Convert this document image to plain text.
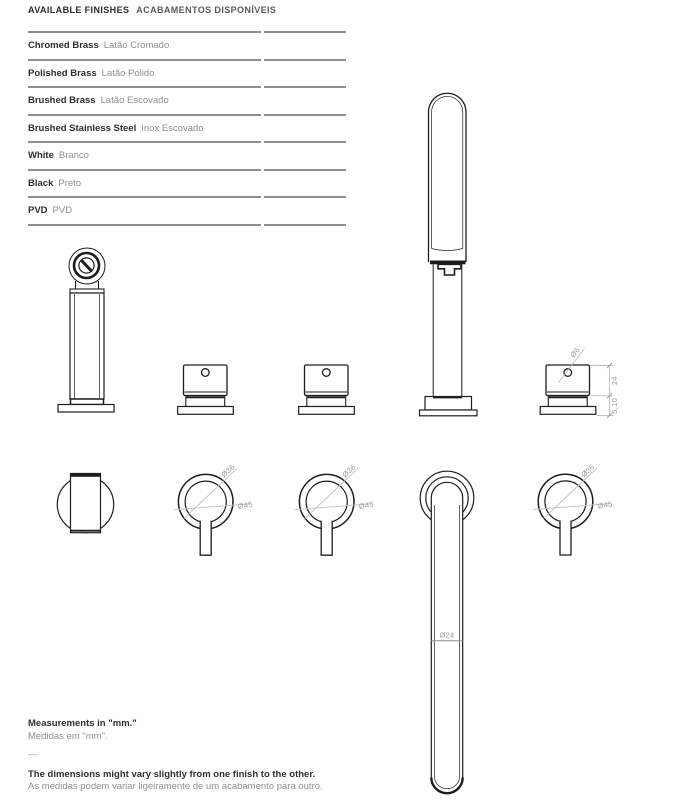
AVAILABLE FINISHES ACABAMENTOS DISPONÍVEIS
Chromed Brass Latão Cromado
Polished Brass Latão Polido
Brushed Brass Latão Escovado
Brushed Stainless Steel Inox Escovado
White Branco
Black Preto
PVD PVD
Ø6
24
5,10
Ø36
Ø45
Ø36
Ø45
Ø24
Ø36
Ø45
Measurements in "mm."
Medidas em "mm".
—
The dimensions might vary slightly from one finish to the other.
As medidas podem variar ligeiramente de um acabamento para outro.
